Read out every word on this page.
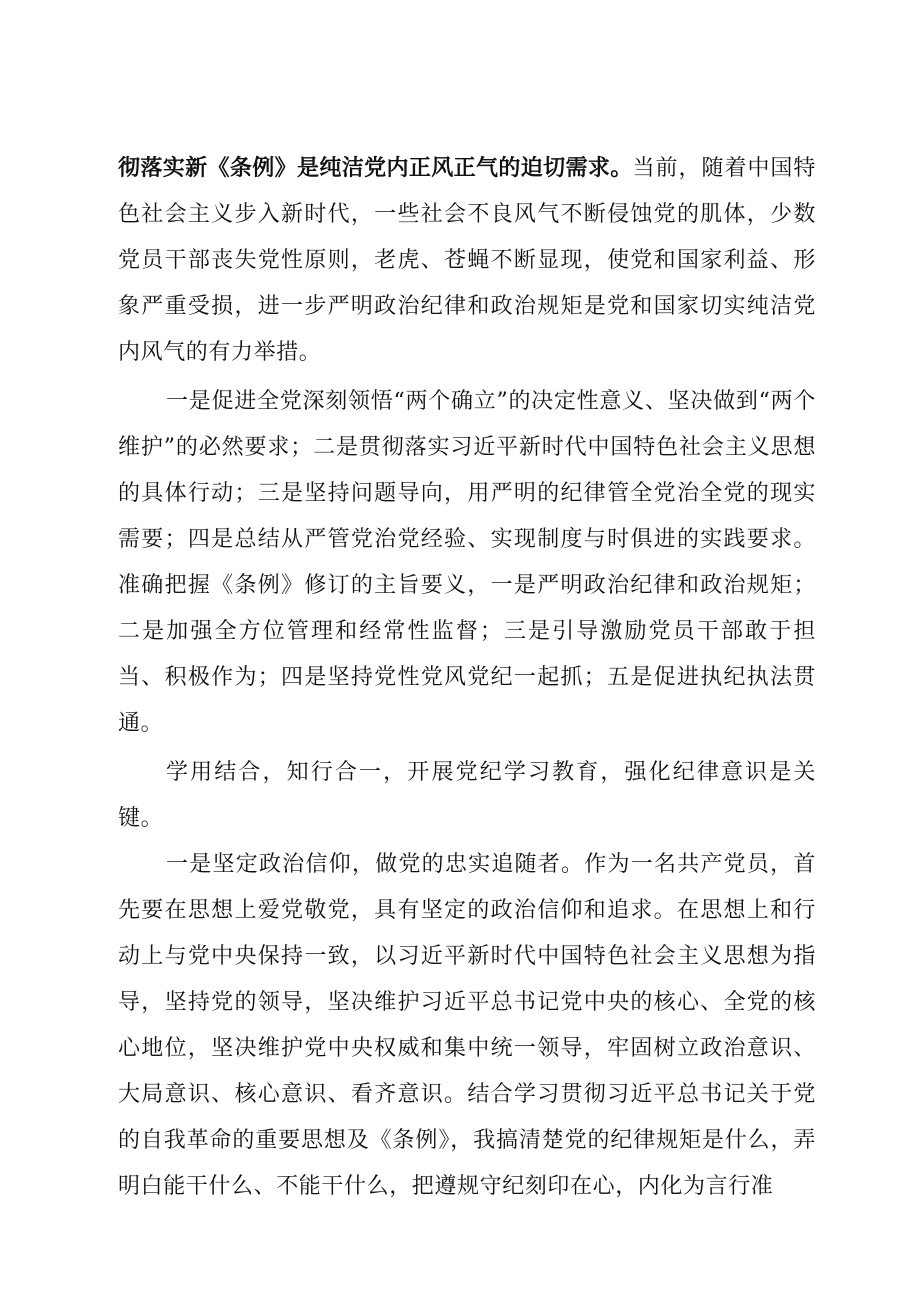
彻落实新《条例》是纯洁党内正风正气的迫切需求。当前，随着中国特色社会主义步入新时代，一些社会不良风气不断侵蚀党的肌体，少数党员干部丧失党性原则，老虎、苍蝇不断显现，使党和国家利益、形象严重受损，进一步严明政治纪律和政治规矩是党和国家切实纯洁党内风气的有力举措。

一是促进全党深刻领悟“两个确立”的决定性意义、坚决做到“两个维护”的必然要求；二是贯彻落实习近平新时代中国特色社会主义思想的具体行动；三是坚持问题导向，用严明的纪律管全党治全党的现实需要；四是总结从严管党治党经验、实现制度与时俱进的实践要求。准确把握《条例》修订的主旨要义，一是严明政治纪律和政治规矩；二是加强全方位管理和经常性监督；三是引导激励党员干部敢于担当、积极作为；四是坚持党性党风党纪一起抓；五是促进执纪执法贯通。

学用结合，知行合一，开展党纪学习教育，强化纪律意识是关键。

一是坚定政治信仰，做党的忠实追随者。作为一名共产党员，首先要在思想上爱党敬党，具有坚定的政治信仰和追求。在思想上和行动上与党中央保持一致，以习近平新时代中国特色社会主义思想为指导，坚持党的领导，坚决维护习近平总书记党中央的核心、全党的核心地位，坚决维护党中央权威和集中统一领导，牢固树立政治意识、大局意识、核心意识、看齐意识。结合学习贯彻习近平总书记关于党的自我革命的重要思想及《条例》，我搞清楚党的纪律规矩是什么，弄明白能干什么、不能干什么，把遵规守纪刻印在心，内化为言行准
